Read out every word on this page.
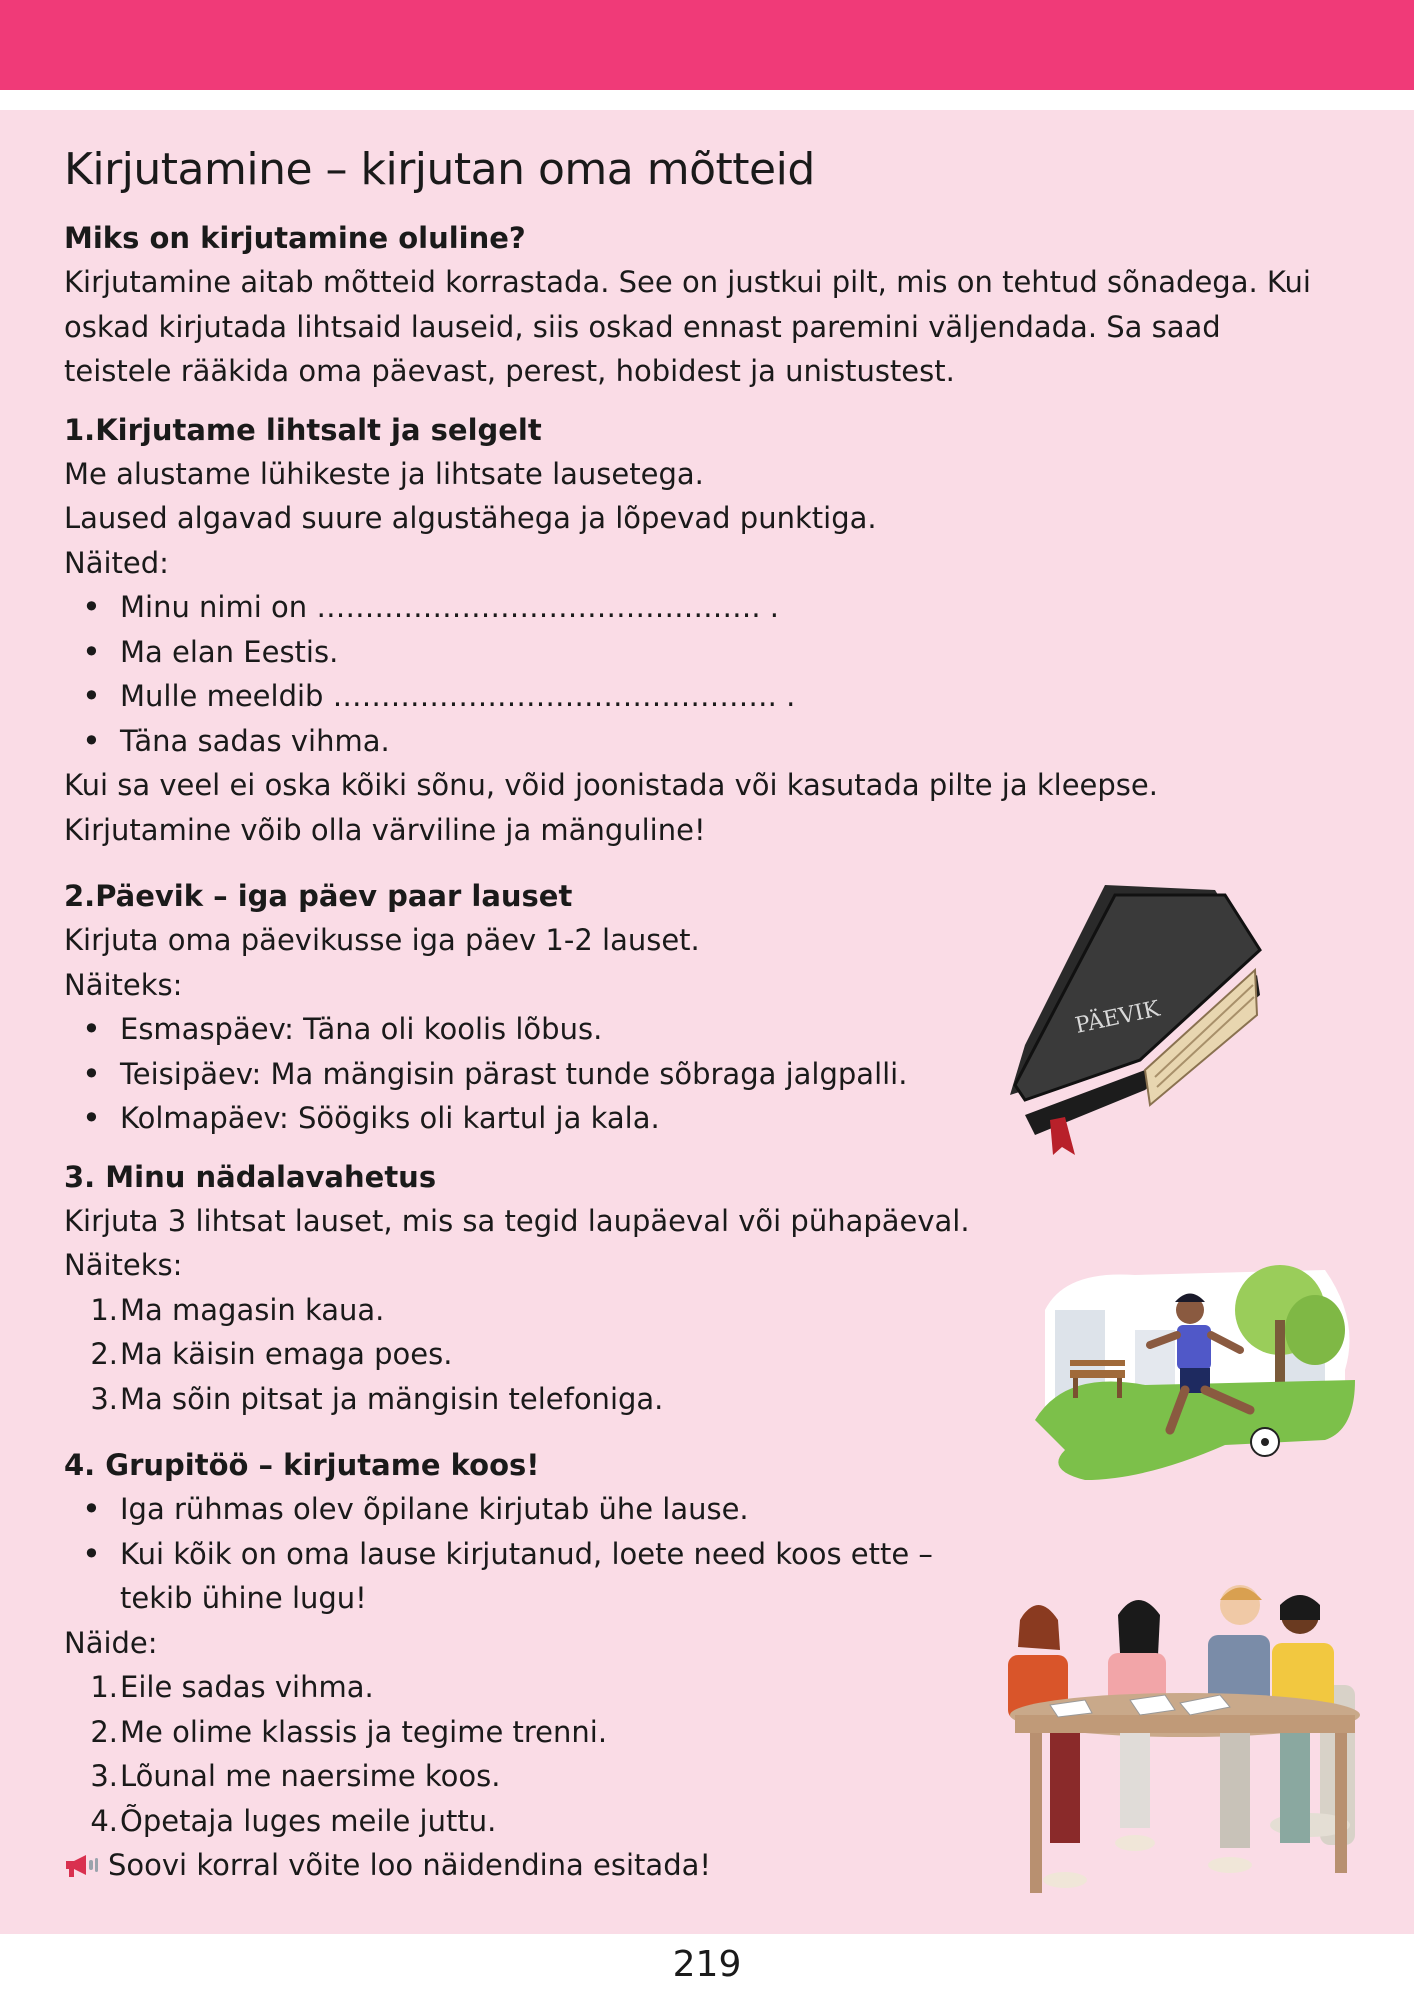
Kirjutamine – kirjutan oma mõtteid

Miks on kirjutamine oluline?

Kirjutamine aitab mõtteid korrastada. See on justkui pilt, mis on tehtud sõnadega. Kui oskad kirjutada lihtsaid lauseid, siis oskad ennast paremini väljendada. Sa saad teistele rääkida oma päevast, perest, hobidest ja unistustest.

1.Kirjutame lihtsalt ja selgelt

Me alustame lühikeste ja lihtsate lausetega.

Laused algavad suure algustähega ja lõpevad punktiga.

Näited:

• Minu nimi on ………………………………………. .
• Ma elan Eestis.
• Mulle meeldib ………………………………………. .
• Täna sadas vihma.

Kui sa veel ei oska kõiki sõnu, võid joonistada või kasutada pilte ja kleepse.

Kirjutamine võib olla värviline ja mänguline!

2.Päevik – iga päev paar lauset

Kirjuta oma päevikusse iga päev 1-2 lauset.

Näiteks:

• Esmaspäev: Täna oli koolis lõbus.
• Teisipäev: Ma mängisin pärast tunde sõbraga jalgpalli.
• Kolmapäev: Söögiks oli kartul ja kala.

3. Minu nädalavahetus

Kirjuta 3 lihtsat lauset, mis sa tegid laupäeval või pühapäeval.

Näiteks:

1. Ma magasin kaua.
2. Ma käisin emaga poes.
3. Ma sõin pitsat ja mängisin telefoniga.

4. Grupitöö – kirjutame koos!

• Iga rühmas olev õpilane kirjutab ühe lause.
• Kui kõik on oma lause kirjutanud, loete need koos ette – tekib ühine lugu!

Näide:

1. Eile sadas vihma.
2. Me olime klassis ja tegime trenni.
3. Lõunal me naersime koos.
4. Õpetaja luges meile juttu.

Soovi korral võite loo näidendina esitada!

PÄEVIK
219
